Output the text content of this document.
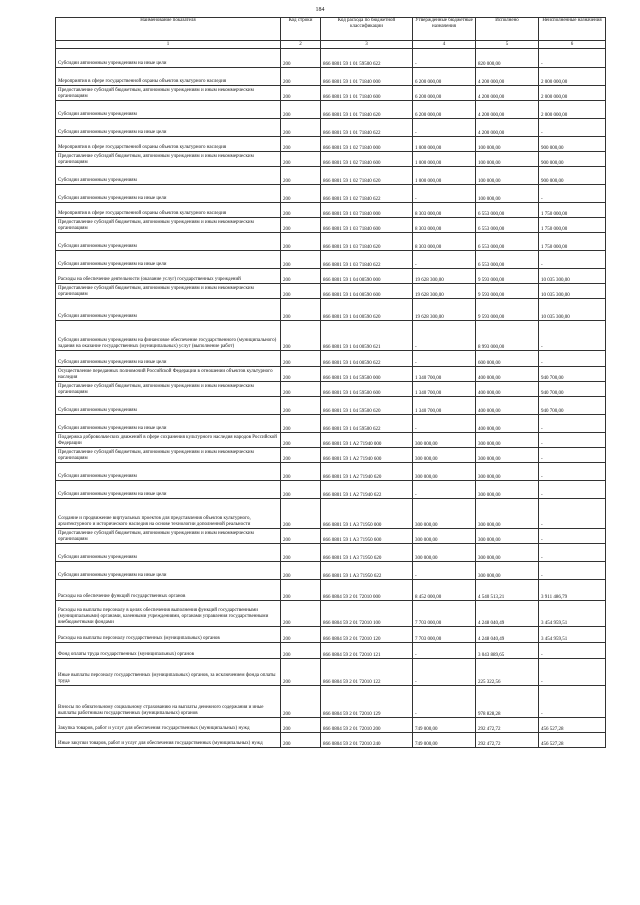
184
Наименование показателя	Код строки	Код расхода по бюджетной классификации	Утвержденные бюджетные назначения	Исполнено	Неисполненные назначения
1	2	3	4	5	6
Субсидии автономным учреждениям на иные цели	200	866 0801 59 1 01 59500 622	-	820 000,00	-
Мероприятия в сфере государственной охраны объектов культурного наследия	200	866 0801 59 1 01 71840 000	6 200 000,00	4 200 000,00	2 000 000,00
Предоставление субсидий бюджетным, автономным учреждениям и иным некоммерческим организациям	200	866 0801 59 1 01 71840 600	6 200 000,00	4 200 000,00	2 000 000,00
Субсидии автономным учреждениям	200	866 0801 59 1 01 71840 620	6 200 000,00	4 200 000,00	2 000 000,00
Субсидии автономным учреждениям на иные цели	200	866 0801 59 1 01 71840 622	-	4 200 000,00	-
Мероприятия в сфере государственной охраны объектов культурного наследия	200	866 0801 59 1 02 71840 000	1 000 000,00	100 000,00	900 000,00
Предоставление субсидий бюджетным, автономным учреждениям и иным некоммерческим организациям	200	866 0801 59 1 02 71840 600	1 000 000,00	100 000,00	900 000,00
Субсидии автономным учреждениям	200	866 0801 59 1 02 71840 620	1 000 000,00	100 000,00	900 000,00
Субсидии автономным учреждениям на иные цели	200	866 0801 59 1 02 71840 622	-	100 000,00	-
Мероприятия в сфере государственной охраны объектов культурного наследия	200	866 0801 59 1 03 71840 000	8 303 000,00	6 553 000,00	1 750 000,00
Предоставление субсидий бюджетным, автономным учреждениям и иным некоммерческим организациям	200	866 0801 59 1 03 71840 600	8 303 000,00	6 553 000,00	1 750 000,00
Субсидии автономным учреждениям	200	866 0801 59 1 03 71840 620	8 303 000,00	6 553 000,00	1 750 000,00
Субсидии автономным учреждениям на иные цели	200	866 0801 59 1 03 71840 622	-	6 553 000,00	-
Расходы на обеспечение деятельности (оказание услуг) государственных учреждений	200	866 0801 59 1 04 00590 000	19 628 300,00	9 593 000,00	10 035 300,00
Предоставление субсидий бюджетным, автономным учреждениям и иным некоммерческим организациям	200	866 0801 59 1 04 00590 600	19 628 300,00	9 593 000,00	10 035 300,00
Субсидии автономным учреждениям	200	866 0801 59 1 04 00590 620	19 628 300,00	9 593 000,00	10 035 300,00
Субсидии автономным учреждениям на финансовое обеспечение государственного (муниципального) задания на оказание государственных (муниципальных) услуг (выполнение работ)	200	866 0801 59 1 04 00590 621	-	8 993 000,00	-
Субсидии автономным учреждениям на иные цели	200	866 0801 59 1 04 00590 622	-	600 000,00	-
Осуществление переданных полномочий Российской Федерации в отношении объектов культурного наследия	200	866 0801 59 1 04 59500 000	1 340 700,00	400 000,00	940 700,00
Предоставление субсидий бюджетным, автономным учреждениям и иным некоммерческим организациям	200	866 0801 59 1 04 59500 600	1 340 700,00	400 000,00	940 700,00
Субсидии автономным учреждениям	200	866 0801 59 1 04 59500 620	1 340 700,00	400 000,00	940 700,00
Субсидии автономным учреждениям на иные цели	200	866 0801 59 1 04 59500 622	-	400 000,00	-
Поддержка добровольческих движений в сфере сохранения культурного наследия народов Российской Федерации	200	866 0801 59 1 A2 71940 000	300 000,00	300 000,00	-
Предоставление субсидий бюджетным, автономным учреждениям и иным некоммерческим организациям	200	866 0801 59 1 A2 71940 600	300 000,00	300 000,00	-
Субсидии автономным учреждениям	200	866 0801 59 1 A2 71940 620	300 000,00	300 000,00	-
Субсидии автономным учреждениям на иные цели	200	866 0801 59 1 A2 71940 622	-	300 000,00	-
Создание и продвижение виртуальных проектов для представления объектов культурного, архитектурного и исторического наследия на основе технологии дополненной реальности	200	866 0801 59 1 A3 71950 000	300 000,00	300 000,00	-
Предоставление субсидий бюджетным, автономным учреждениям и иным некоммерческим организациям	200	866 0801 59 1 A3 71950 600	300 000,00	300 000,00	-
Субсидии автономным учреждениям	200	866 0801 59 1 A3 71950 620	300 000,00	300 000,00	-
Субсидии автономным учреждениям на иные цели	200	866 0801 59 1 A3 71950 622	-	300 000,00	-
Расходы на обеспечение функций государственных органов	200	866 0804 59 2 01 72010 000	8 452 000,00	4 540 513,21	3 911 486,79
Расходы на выплаты персоналу в целях обеспечения выполнения функций государственными (муниципальными) органами, казенными учреждениями, органами управления государственными внебюджетными фондами	200	866 0804 59 2 01 72010 100	7 703 000,00	4 248 040,49	3 454 959,51
Расходы на выплаты персоналу государственных (муниципальных) органов	200	866 0804 59 2 01 72010 120	7 703 000,00	4 248 040,49	3 454 959,51
Фонд оплаты труда государственных (муниципальных) органов	200	866 0804 59 2 01 72010 121	-	3 043 889,65	-
Иные выплаты персоналу государственных (муниципальных) органов, за исключением фонда оплаты труда	200	866 0804 59 2 01 72010 122	-	225 322,56	-
Взносы по обязательному социальному страхованию на выплаты денежного содержания и иные выплаты работникам государственных (муниципальных) органов	200	866 0804 59 2 01 72010 129	-	978 828,28	-
Закупка товаров, работ и услуг для обеспечения государственных (муниципальных) нужд	200	866 0804 59 2 01 72010 200	749 000,00	292 472,72	456 527,28
Иные закупки товаров, работ и услуг для обеспечения государственных (муниципальных) нужд	200	866 0804 59 2 01 72010 240	749 000,00	292 472,72	456 527,28
